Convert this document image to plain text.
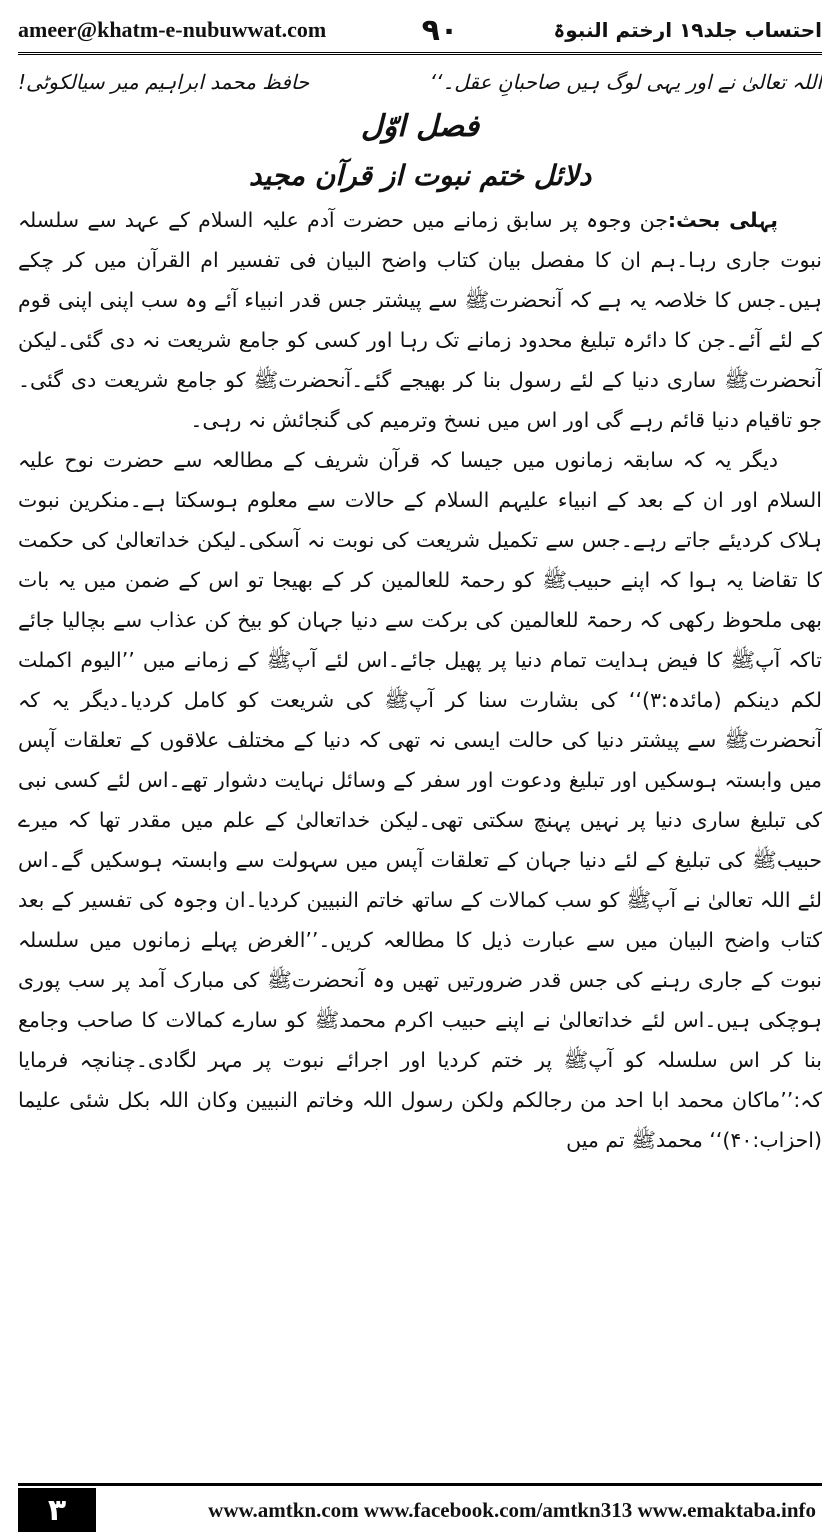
ameer@khatm-e-nubuwwat.com	۹۰	احتساب جلد۱۹ ارختم النبوۃ
اللہ تعالیٰ نے اور یہی لوگ ہیں صاحبانِ عقل۔‘‘
حافظ محمد ابراہیم میر سیالکوٹی!

فصل اوّل

دلائل ختم نبوت از قرآن مجید

پہلی بحث:جن وجوہ پر سابق زمانے میں حضرت آدم علیہ السلام کے عہد سے سلسلہ نبوت جاری رہا۔ہم ان کا مفصل بیان کتاب واضح البیان فی تفسیر ام القرآن میں کر چکے ہیں۔جس کا خلاصہ یہ ہے کہ آنحضرتﷺ سے پیشتر جس قدر انبیاء آئے وہ سب اپنی اپنی قوم کے لئے آئے۔جن کا دائرہ تبلیغ محدود زمانے تک رہا اور کسی کو جامع شریعت نہ دی گئی۔لیکن آنحضرتﷺ ساری دنیا کے لئے رسول بنا کر بھیجے گئے۔آنحضرتﷺ کو جامع شریعت دی گئی۔جو تاقیام دنیا قائم رہے گی اور اس میں نسخ وترمیم کی گنجائش نہ رہی۔

دیگر یہ کہ سابقہ زمانوں میں جیسا کہ قرآن شریف کے مطالعہ سے حضرت نوح علیہ السلام اور ان کے بعد کے انبیاء علیہم السلام کے حالات سے معلوم ہوسکتا ہے۔منکرین نبوت ہلاک کردیئے جاتے رہے۔جس سے تکمیل شریعت کی نوبت نہ آسکی۔لیکن خداتعالیٰ کی حکمت کا تقاضا یہ ہوا کہ اپنے حبیبﷺ کو رحمۃ للعالمین کر کے بھیجا تو اس کے ضمن میں یہ بات بھی ملحوظ رکھی کہ رحمۃ للعالمین کی برکت سے دنیا جہان کو بیخ کن عذاب سے بچالیا جائے تاکہ آپﷺ کا فیض ہدایت تمام دنیا پر پھیل جائے۔اس لئے آپﷺ کے زمانے میں ’’الیوم اکملت لکم دینکم (مائدہ:۳)‘‘ کی بشارت سنا کر آپﷺ کی شریعت کو کامل کردیا۔دیگر یہ کہ آنحضرتﷺ سے پیشتر دنیا کی حالت ایسی نہ تھی کہ دنیا کے مختلف علاقوں کے تعلقات آپس میں وابستہ ہوسکیں اور تبلیغ ودعوت اور سفر کے وسائل نہایت دشوار تھے۔اس لئے کسی نبی کی تبلیغ ساری دنیا پر نہیں پہنچ سکتی تھی۔لیکن خداتعالیٰ کے علم میں مقدر تھا کہ میرے حبیبﷺ کی تبلیغ کے لئے دنیا جہان کے تعلقات آپس میں سہولت سے وابستہ ہوسکیں گے۔اس لئے اللہ تعالیٰ نے آپﷺ کو سب کمالات کے ساتھ خاتم النبیین کردیا۔ان وجوہ کی تفسیر کے بعد کتاب واضح البیان میں سے عبارت ذیل کا مطالعہ کریں۔’’الغرض پہلے زمانوں میں سلسلہ نبوت کے جاری رہنے کی جس قدر ضرورتیں تھیں وہ آنحضرتﷺ کی مبارک آمد پر سب پوری ہوچکی ہیں۔اس لئے خداتعالیٰ نے اپنے حبیب اکرم محمدﷺ کو سارے کمالات کا صاحب وجامع بنا کر اس سلسلہ کو آپﷺ پر ختم کردیا اور اجرائے نبوت پر مہر لگادی۔چنانچہ فرمایا کہ:’’ماکان محمد ابا احد من رجالکم ولکن رسول اللہ وخاتم النبیین وکان اللہ بکل شئی علیما (احزاب:۴۰)‘‘ محمدﷺ تم میں

۳	www.amtkn.com www.facebook.com/amtkn313 www.emaktaba.info
